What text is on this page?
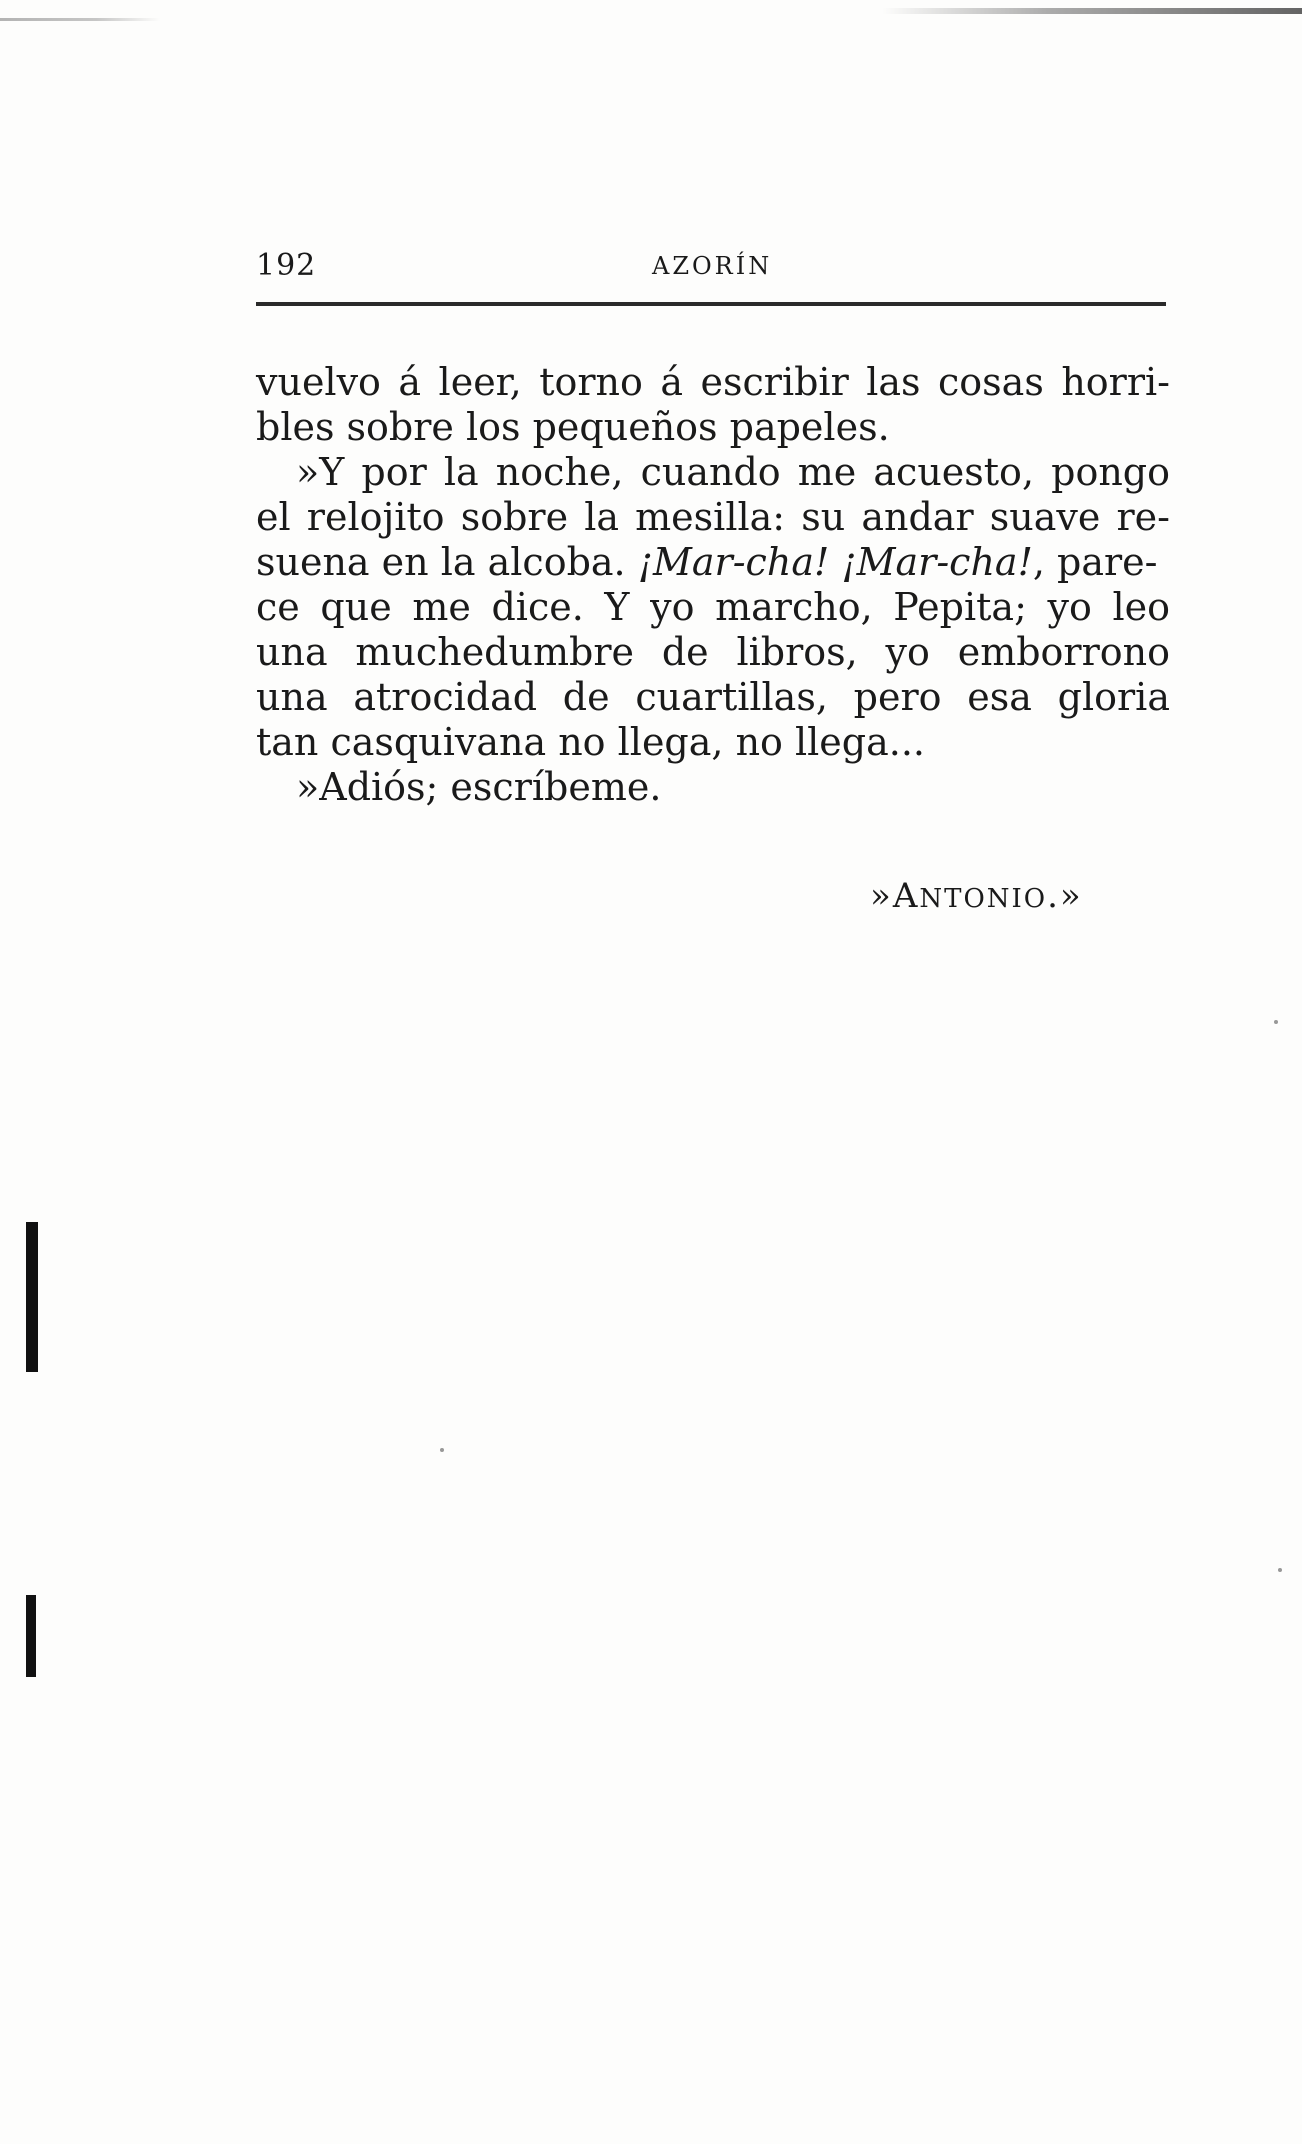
192	AZORÍN
vuelvo á leer, torno á escribir las cosas horri-
bles sobre los pequeños papeles.
»Y por la noche, cuando me acuesto, pongo
el relojito sobre la mesilla: su andar suave re-
suena en la alcoba. ¡Mar-cha! ¡Mar-cha!, pare-
ce que me dice. Y yo marcho, Pepita; yo leo
una muchedumbre de libros, yo emborrono
una atrocidad de cuartillas, pero esa gloria
tan casquivana no llega, no llega...
»Adiós; escríbeme.
»ANTONIO.»
